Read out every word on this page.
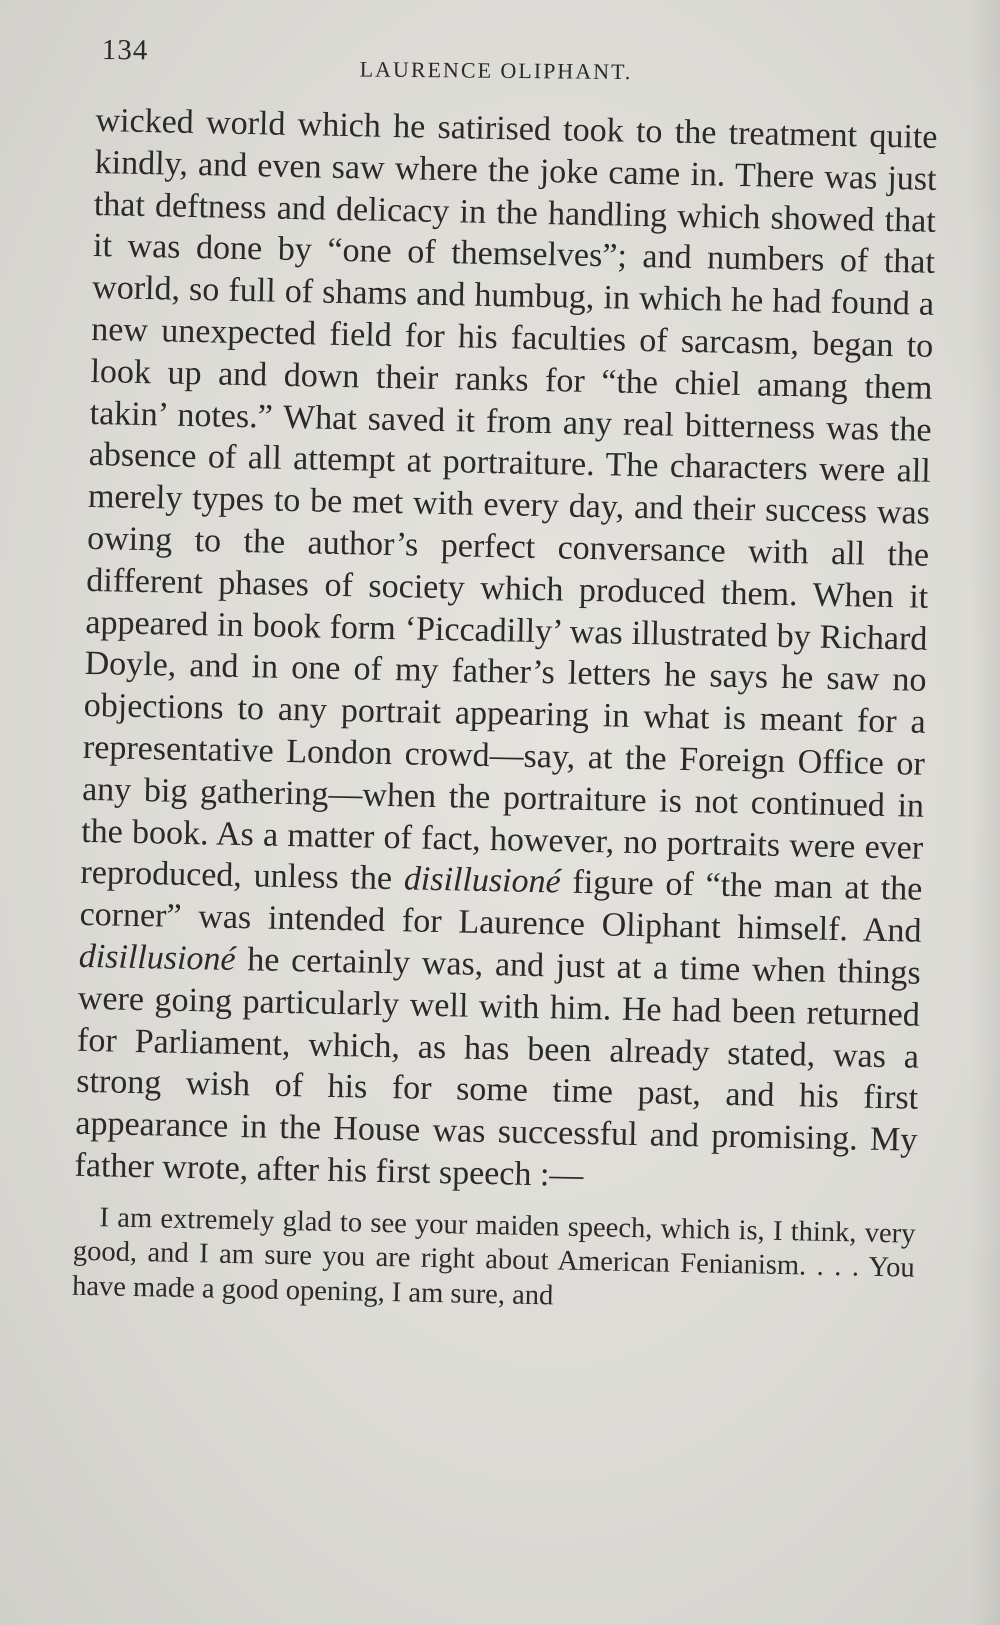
134
LAURENCE OLIPHANT.

wicked world which he satirised took to the treatment quite kindly, and even saw where the joke came in. There was just that deftness and delicacy in the handling which showed that it was done by “one of themselves”; and numbers of that world, so full of shams and humbug, in which he had found a new unexpected field for his faculties of sarcasm, began to look up and down their ranks for “the chiel amang them takin’ notes.” What saved it from any real bitterness was the absence of all attempt at portraiture. The characters were all merely types to be met with every day, and their success was owing to the author’s perfect conversance with all the different phases of society which produced them. When it appeared in book form ‘Piccadilly’ was illustrated by Richard Doyle, and in one of my father’s letters he says he saw no objections to any portrait appearing in what is meant for a representative London crowd—say, at the Foreign Office or any big gathering—when the portraiture is not continued in the book. As a matter of fact, however, no portraits were ever reproduced, unless the disillusioné figure of “the man at the corner” was intended for Laurence Oliphant himself. And disillusioné he certainly was, and just at a time when things were going particularly well with him. He had been returned for Parliament, which, as has been already stated, was a strong wish of his for some time past, and his first appearance in the House was successful and promising. My father wrote, after his first speech :—

I am extremely glad to see your maiden speech, which is, I think, very good, and I am sure you are right about American Fenianism. . . . You have made a good opening, I am sure, and
